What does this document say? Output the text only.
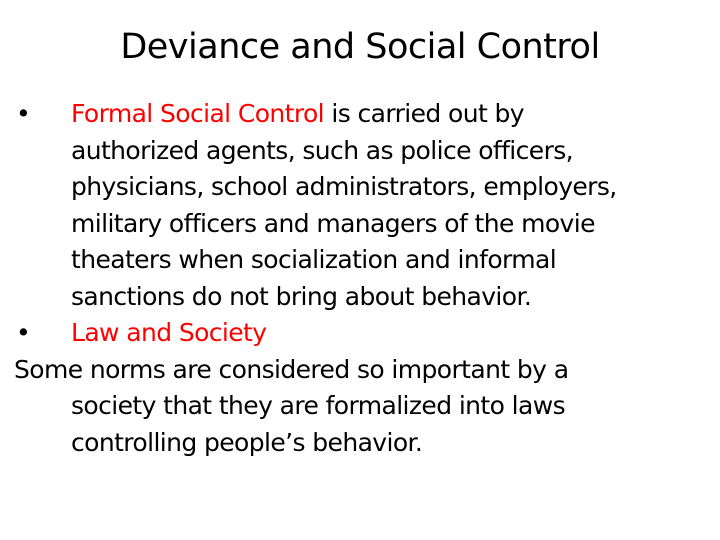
Deviance and Social Control
•	Formal Social Control is carried out by
authorized agents, such as police officers,
physicians, school administrators, employers,
military officers and managers of the movie
theaters when socialization and informal
sanctions do not bring about behavior.
•	Law and Society
Some norms are considered so important by a
society that they are formalized into laws
controlling people’s behavior.
